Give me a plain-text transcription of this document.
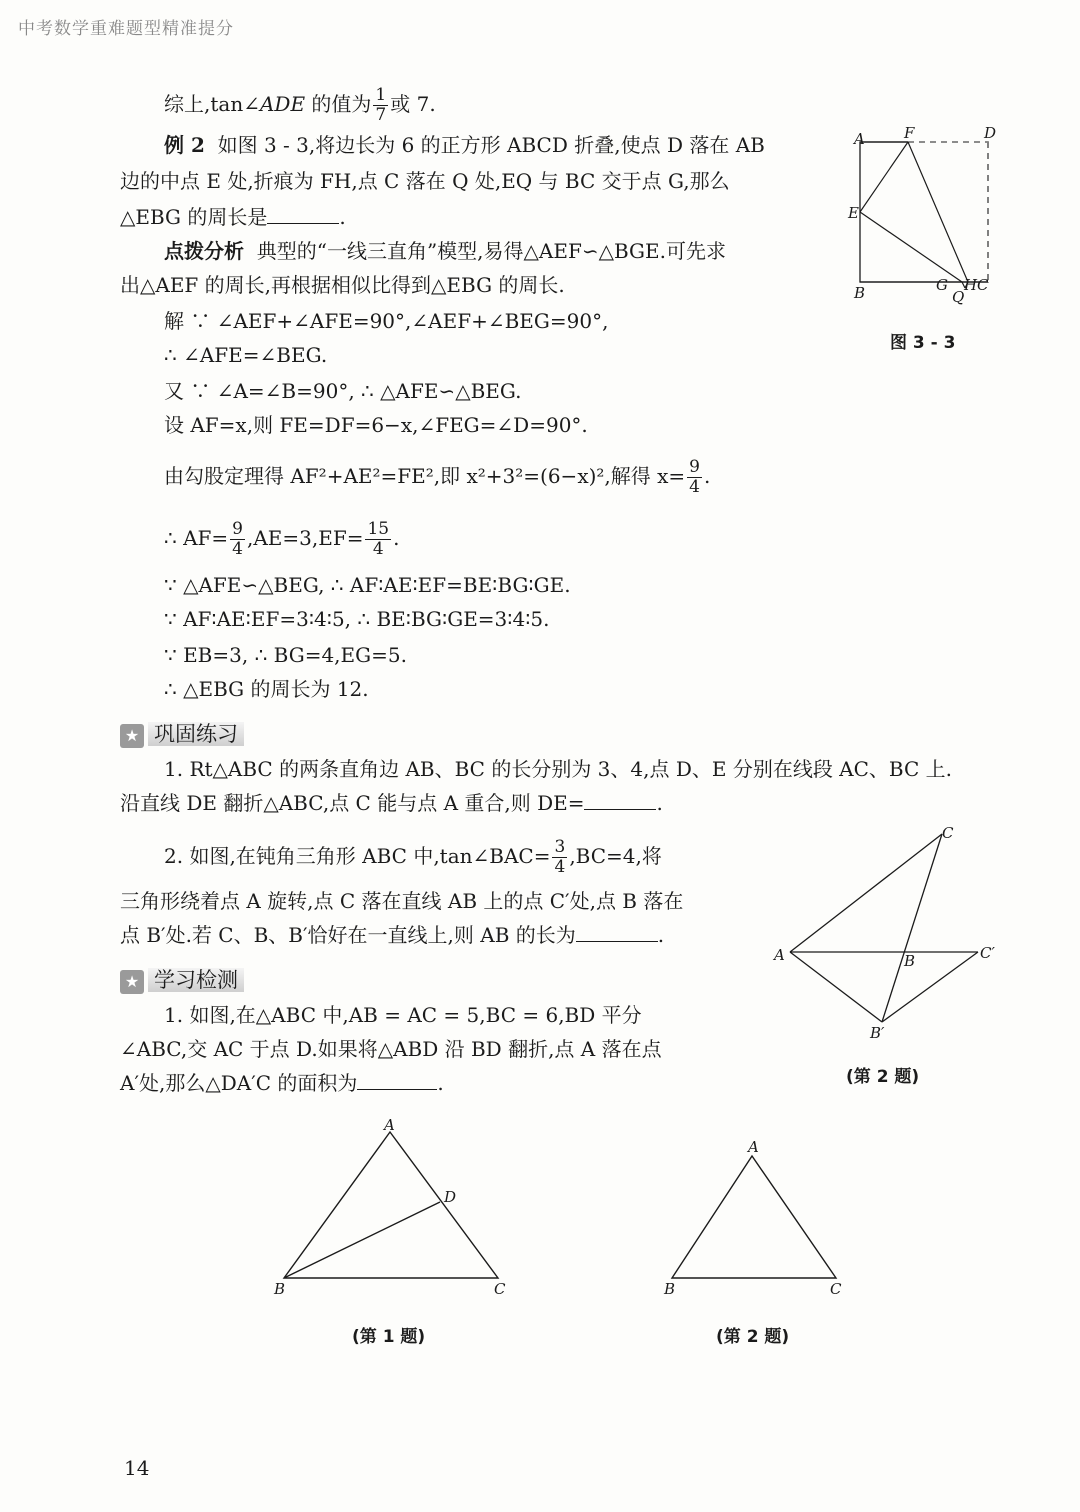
中考数学重难题型精准提分
综上,tan∠ADE 的值为 $\frac{1}{7}$ 或 7.
例 2 如图 3 - 3,将边长为 6 的正方形 ABCD 折叠,使点 D 落在 AB
边的中点 E 处,折痕为 FH,点 C 落在 Q 处,EQ 与 BC 交于点 G,那么
△EBG 的周长是	.
点拨分析 典型的“一线三直角”模型,易得△AEF∽△BGE.可先求
出△AEF 的周长,再根据相似比得到△EBG 的周长.
解 ∵ ∠AEF+∠AFE=90°,∠AEF+∠BEG=90°,
∴ ∠AFE=∠BEG.
又 ∵ ∠A=∠B=90°, ∴ △AFE∽△BEG.
设 AF=x,则 FE=DF=6−x,∠FEG=∠D=90°.
由勾股定理得 AF²+AE²=FE²,即 x²+3²=(6−x)²,解得 $x= \frac{9}{4}$ .
∴ $AF= \frac{9}{4} ,AE=3,EF= \frac{15}{4}$ .
∵ △AFE∽△BEG, ∴ AF∶AE∶EF=BE∶BG∶GE.
∵ AF∶AE∶EF=3∶4∶5, ∴ BE∶BG∶GE=3∶4∶5.
∵ EB=3, ∴ BG=4,EG=5.
∴ △EBG 的周长为 12.
A	F	D
E
B	G
Q
H C
图 3 - 3
★ 巩固练习
1. Rt△ABC 的两条直角边 AB、BC 的长分别为 3、4,点 D、E 分别在线段 AC、BC 上.
沿直线 DE 翻折△ABC,点 C 能与点 A 重合,则 DE=	.
2. 如图,在钝角三角形 ABC 中,tan∠BAC= $\frac{3}{4} ,BC=4$,将
三角形绕着点 A 旋转,点 C 落在直线 AB 上的点 C′处,点 B 落在
点 B′处.若 C、B、B′恰好在一直线上,则 AB 的长为	.
A	B
C
C′
B′
(第 2 题)
★ 学习检测
1. 如图,在△ABC 中,AB = AC = 5,BC = 6,BD 平分
∠ABC,交 AC 于点 D.如果将△ABD 沿 BD 翻折,点 A 落在点
A′处,那么△DA′C 的面积为	.
A
B	C
D
(第 1 题)
A
B	C
(第 2 题)
14
